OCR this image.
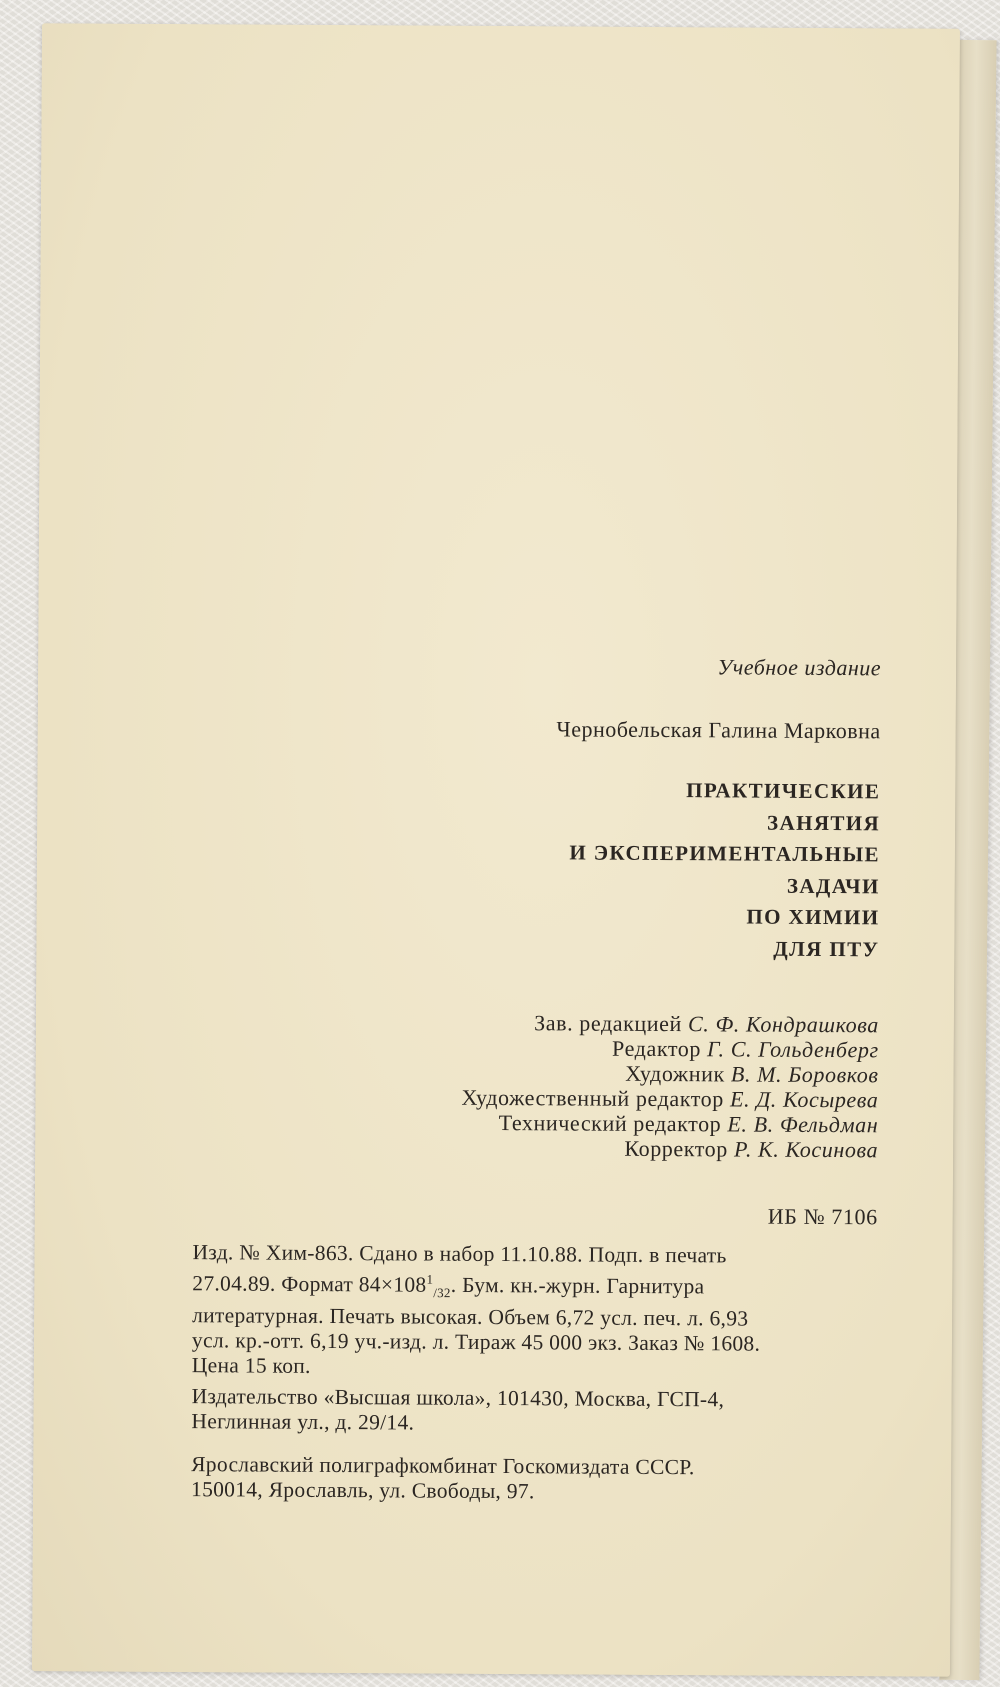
Учебное издание
Чернобельская Галина Марковна
ПРАКТИЧЕСКИЕ
ЗАНЯТИЯ
И ЭКСПЕРИМЕНТАЛЬНЫЕ
ЗАДАЧИ
ПО ХИМИИ
ДЛЯ ПТУ
Зав. редакцией С. Ф. Кондрашкова
Редактор Г. С. Гольденберг
Художник В. М. Боровков
Художественный редактор Е. Д. Косырева
Технический редактор Е. В. Фельдман
Корректор Р. К. Косинова
ИБ № 7106
Изд. № Хим-863. Сдано в набор 11.10.88. Подп. в печать
27.04.89. Формат $84\times 108^1_{/32}$. Бум. кн.-журн. Гарнитура
литературная. Печать высокая. Объем 6,72 усл. печ. л. 6,93
усл. кр.-отт. 6,19 уч.-изд. л. Тираж 45 000 экз. Заказ № 1608.
Цена 15 коп.
Издательство «Высшая школа», 101430, Москва, ГСП-4,
Неглинная ул., д. 29/14.
Ярославский полиграфкомбинат Госкомиздата СССР.
150014, Ярославль, ул. Свободы, 97.
